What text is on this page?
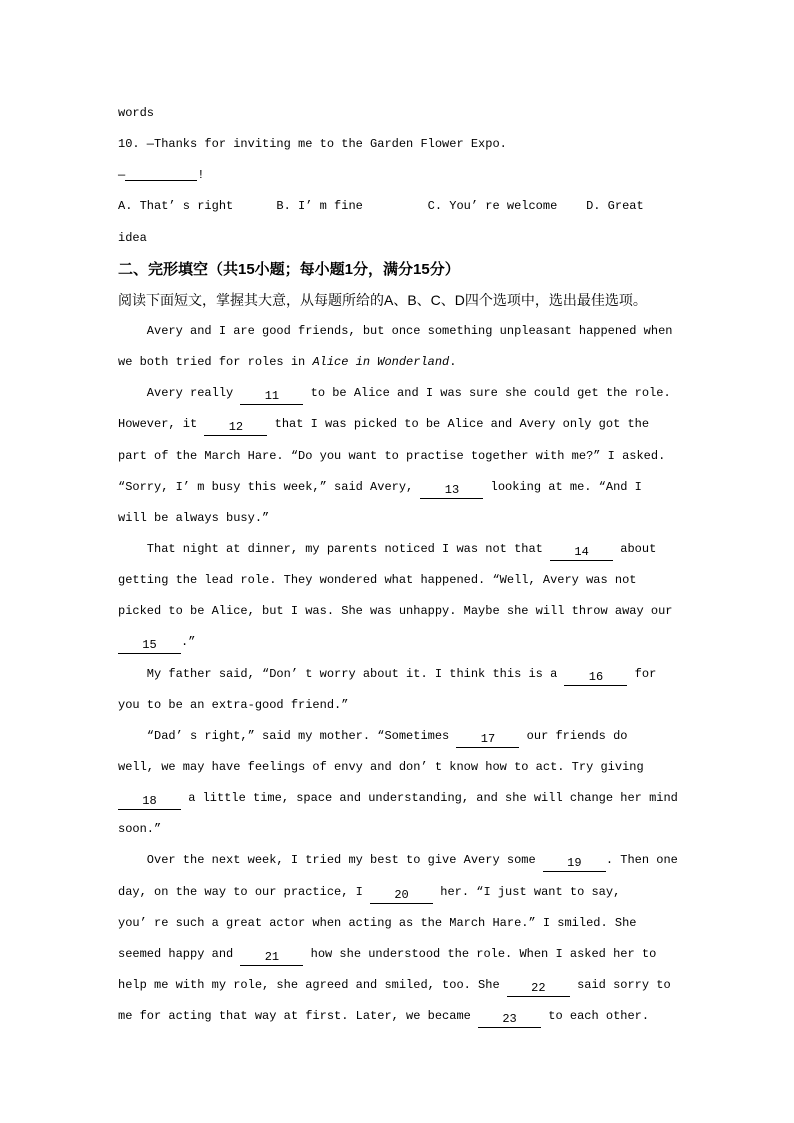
words
10. —Thanks for inviting me to the Garden Flower Expo.
—	!
A. That’ s right      B. I’ m fine         C. You’ re welcome    D. Great
idea
二、完形填空（共15小题；每小题1分，满分15分）
阅读下面短文，掌握其大意，从每题所给的A、B、C、D四个选项中，选出最佳选项。
Avery and I are good friends, but once something unpleasant happened when
we both tried for roles in Alice in Wonderland.
Avery really 11 to be Alice and I was sure she could get the role.
However, it 12 that I was picked to be Alice and Avery only got the
part of the March Hare. “Do you want to practise together with me?” I asked.
“Sorry, I’ m busy this week,” said Avery, 13 looking at me. “And I
will be always busy.”
That night at dinner, my parents noticed I was not that 14 about
getting the lead role. They wondered what happened. “Well, Avery was not
picked to be Alice, but I was. She was unhappy. Maybe she will throw away our
15 .”
My father said, “Don’ t worry about it. I think this is a 16 for
you to be an extra-good friend.”
“Dad’ s right,” said my mother. “Sometimes 17 our friends do
well, we may have feelings of envy and don’ t know how to act. Try giving
18 a little time, space and understanding, and she will change her mind
soon.”
Over the next week, I tried my best to give Avery some 19 . Then one
day, on the way to our practice, I 20 her. “I just want to say,
you’ re such a great actor when acting as the March Hare.” I smiled. She
seemed happy and 21 how she understood the role. When I asked her to
help me with my role, she agreed and smiled, too. She 22 said sorry to
me for acting that way at first. Later, we became 23 to each other.
